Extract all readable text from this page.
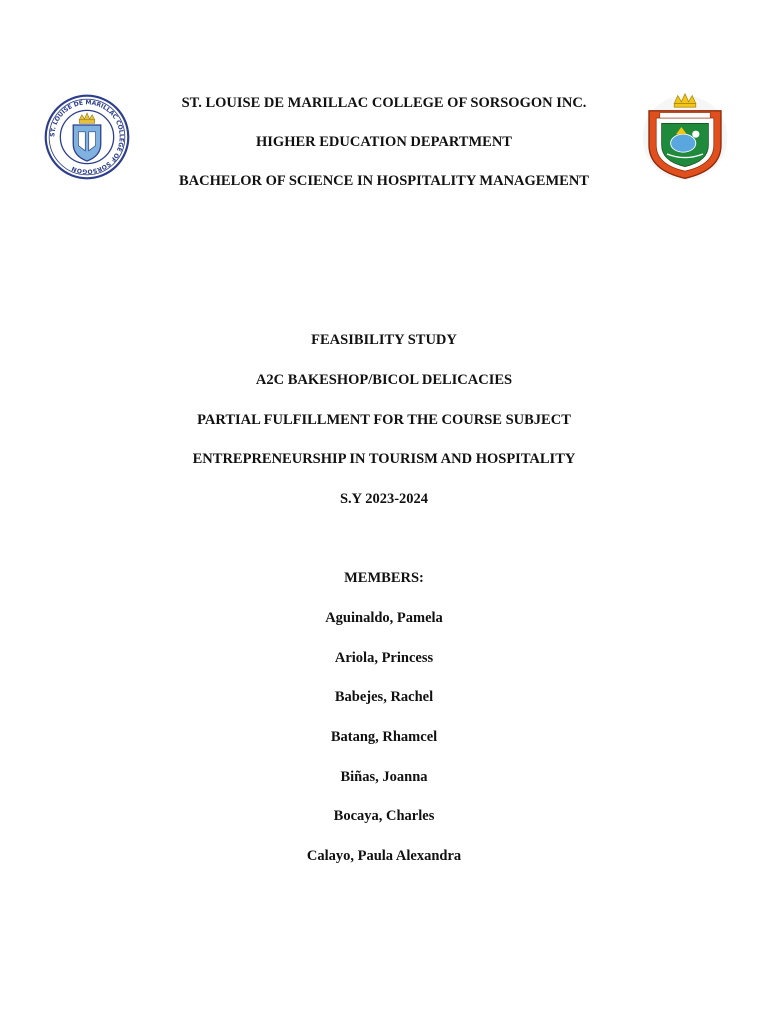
ST. LOUISE DE MARILLAC COLLEGE OF SORSOGON
ST. LOUISE DE MARILLAC COLLEGE OF SORSOGON INC.
HIGHER EDUCATION DEPARTMENT
BACHELOR OF SCIENCE IN HOSPITALITY MANAGEMENT
FEASIBILITY STUDY
A2C BAKESHOP/BICOL DELICACIES
PARTIAL FULFILLMENT FOR THE COURSE SUBJECT
ENTREPRENEURSHIP IN TOURISM AND HOSPITALITY
S.Y 2023-2024
MEMBERS:
Aguinaldo, Pamela
Ariola, Princess
Babejes, Rachel
Batang, Rhamcel
Biñas, Joanna
Bocaya, Charles
Calayo, Paula Alexandra
